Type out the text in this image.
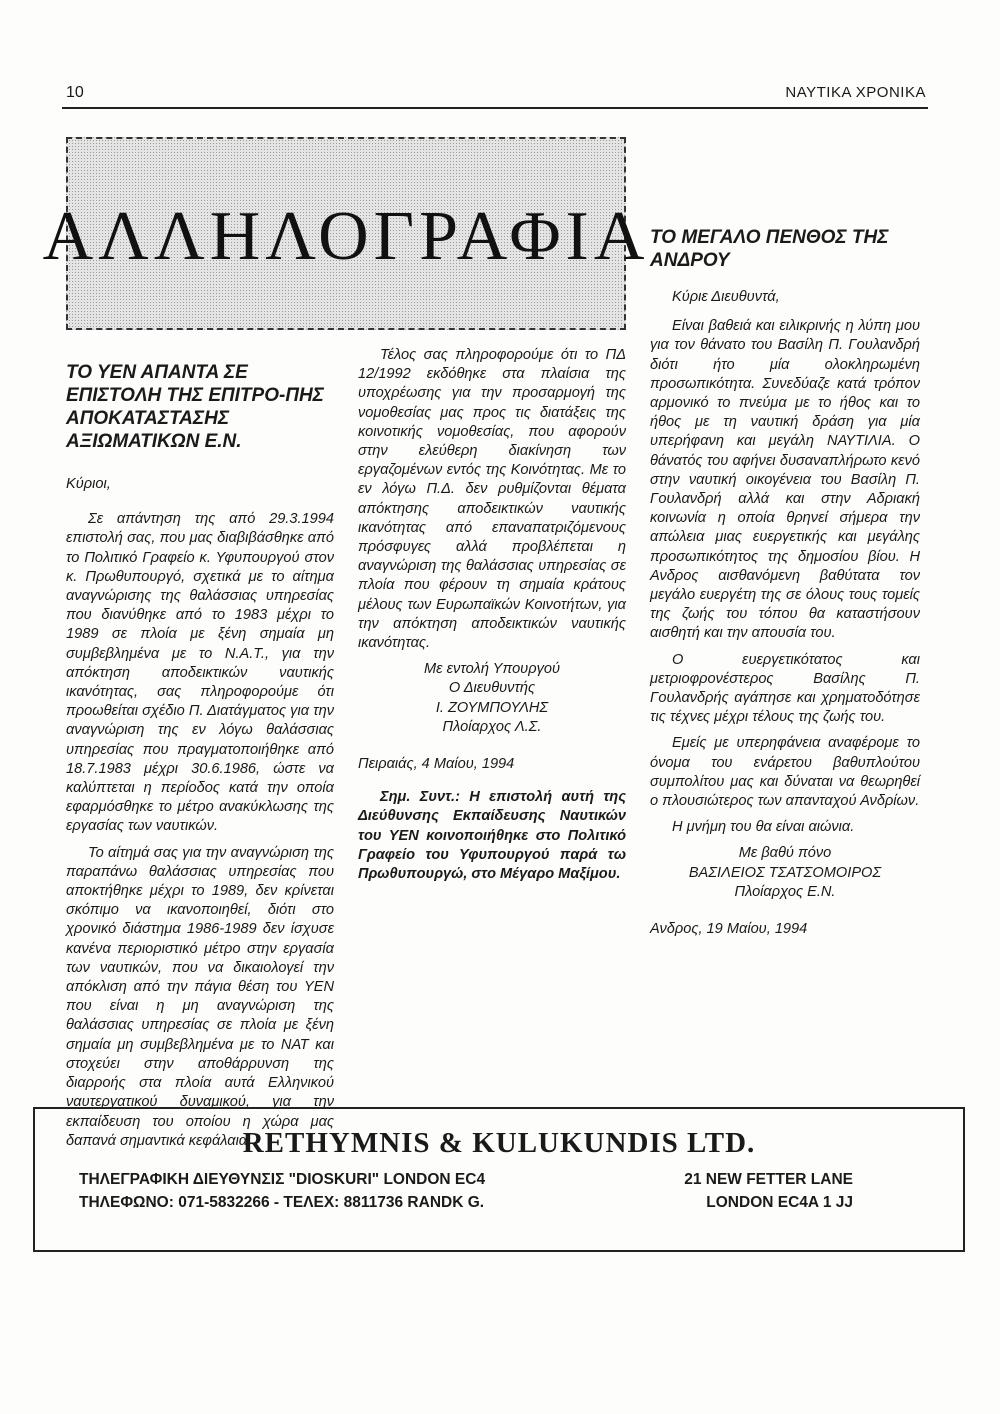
10	ΝΑΥΤΙΚΑ ΧΡΟΝΙΚΑ
ΑΛΛΗΛΟΓΡΑΦΙΑ

ΤΟ ΥΕΝ ΑΠΑΝΤΑ ΣΕ ΕΠΙΣΤΟΛΗ ΤΗΣ ΕΠΙΤΡΟ-ΠΗΣ ΑΠΟΚΑΤΑΣΤΑΣΗΣ ΑΞΙΩΜΑΤΙΚΩΝ Ε.Ν.

Κύριοι,

Σε απάντηση της από 29.3.1994 επιστολή σας, που μας διαβιβάσθηκε από το Πολιτικό Γραφείο κ. Υφυπουργού στον κ. Πρωθυπουργό, σχετικά με το αίτημα αναγνώρισης της θαλάσσιας υπηρεσίας που διανύθηκε από το 1983 μέχρι το 1989 σε πλοία με ξένη σημαία μη συμβεβλημένα με το Ν.Α.Τ., για την απόκτηση αποδεικτικών ναυτικής ικανότητας, σας πληροφορούμε ότι προωθείται σχέδιο Π. Διατάγματος για την αναγνώριση της εν λόγω θαλάσσιας υπηρεσίας που πραγματοποιήθηκε από 18.7.1983 μέχρι 30.6.1986, ώστε να καλύπτεται η περίοδος κατά την οποία εφαρμόσθηκε το μέτρο ανακύκλωσης της εργασίας των ναυτικών.

Το αίτημά σας για την αναγνώριση της παραπάνω θαλάσσιας υπηρεσίας που αποκτήθηκε μέχρι το 1989, δεν κρίνεται σκόπιμο να ικανοποιηθεί, διότι στο χρονικό διάστημα 1986-1989 δεν ίσχυσε κανένα περιοριστικό μέτρο στην εργασία των ναυτικών, που να δικαιολογεί την απόκλιση από την πάγια θέση του ΥΕΝ που είναι η μη αναγνώριση της θαλάσσιας υπηρεσίας σε πλοία με ξένη σημαία μη συμβεβλημένα με το ΝΑΤ και στοχεύει στην αποθάρρυνση της διαρροής στα πλοία αυτά Ελληνικού ναυτεργατικού δυναμικού, για την εκπαίδευση του οποίου η χώρα μας δαπανά σημαντικά κεφάλαια.

Τέλος σας πληροφορούμε ότι το ΠΔ 12/1992 εκδόθηκε στα πλαίσια της υποχρέωσης για την προσαρμογή της νομοθεσίας μας προς τις διατάξεις της κοινοτικής νομοθεσίας, που αφορούν στην ελεύθερη διακίνηση των εργαζομένων εντός της Κοινότητας. Με το εν λόγω Π.Δ. δεν ρυθμίζονται θέματα απόκτησης αποδεικτικών ναυτικής ικανότητας από επαναπατριζόμενους πρόσφυγες αλλά προβλέπεται η αναγνώριση της θαλάσσιας υπηρεσίας σε πλοία που φέρουν τη σημαία κράτους μέλους των Ευρωπαϊκών Κοινοτήτων, για την απόκτηση αποδεικτικών ναυτικής ικανότητας.

Με εντολή Υπουργού

Ο Διευθυντής

Ι. ΖΟΥΜΠΟΥΛΗΣ

Πλοίαρχος Λ.Σ.

Πειραιάς, 4 Μαίου, 1994

Σημ. Συντ.: Η επιστολή αυτή της Διεύθυνσης Εκπαίδευσης Ναυτικών του ΥΕΝ κοινοποιήθηκε στο Πολιτικό Γραφείο του Υφυπουργού παρά τω Πρωθυπουργώ, στο Μέγαρο Μαξίμου.

ΤΟ ΜΕΓΑΛΟ ΠΕΝΘΟΣ ΤΗΣ ΑΝΔΡΟΥ

Κύριε Διευθυντά,

Είναι βαθειά και ειλικρινής η λύπη μου για τον θάνατο του Βασίλη Π. Γουλανδρή διότι ήτο μία ολοκληρωμένη προσωπικότητα. Συνεδύαζε κατά τρόπον αρμονικό το πνεύμα με το ήθος και το ήθος με τη ναυτική δράση για μία υπερήφανη και μεγάλη ΝΑΥΤΙΛΙΑ. Ο θάνατός του αφήνει δυσαναπλήρωτο κενό στην ναυτική οικογένεια του Βασίλη Π. Γουλανδρή αλλά και στην Αδριακή κοινωνία η οποία θρηνεί σήμερα την απώλεια μιας ευεργετικής και μεγάλης προσωπικότητος της δημοσίου βίου. Η Ανδρος αισθανόμενη βαθύτατα τον μεγάλο ευεργέτη της σε όλους τους τομείς της ζωής του τόπου θα καταστήσουν αισθητή και την απουσία του.

Ο ευεργετικότατος και μετριοφρονέστερος Βασίλης Π. Γουλανδρής αγάπησε και χρηματοδότησε τις τέχνες μέχρι τέλους της ζωής του.

Εμείς με υπερηφάνεια αναφέρομε το όνομα του ενάρετου βαθυπλούτου συμπολίτου μας και δύναται να θεωρηθεί ο πλουσιώτερος των απανταχού Ανδρίων.

Η μνήμη του θα είναι αιώνια.

Με βαθύ πόνο

ΒΑΣΙΛΕΙΟΣ ΤΣΑΤΣΟΜΟΙΡΟΣ

Πλοίαρχος Ε.Ν.

Ανδρος, 19 Μαίου, 1994

RETHYMNIS & KULUKUNDIS LTD.
ΤΗΛΕΓΡΑΦΙΚΗ ΔΙΕΥΘΥΝΣΙΣ "DIOSKURI" LONDON EC4
ΤΗΛΕΦΩΝΟ: 071-5832266 - ΤΕΛΕΧ: 8811736 RANDK G.
21 NEW FETTER LANE
LONDON EC4A 1 JJ
